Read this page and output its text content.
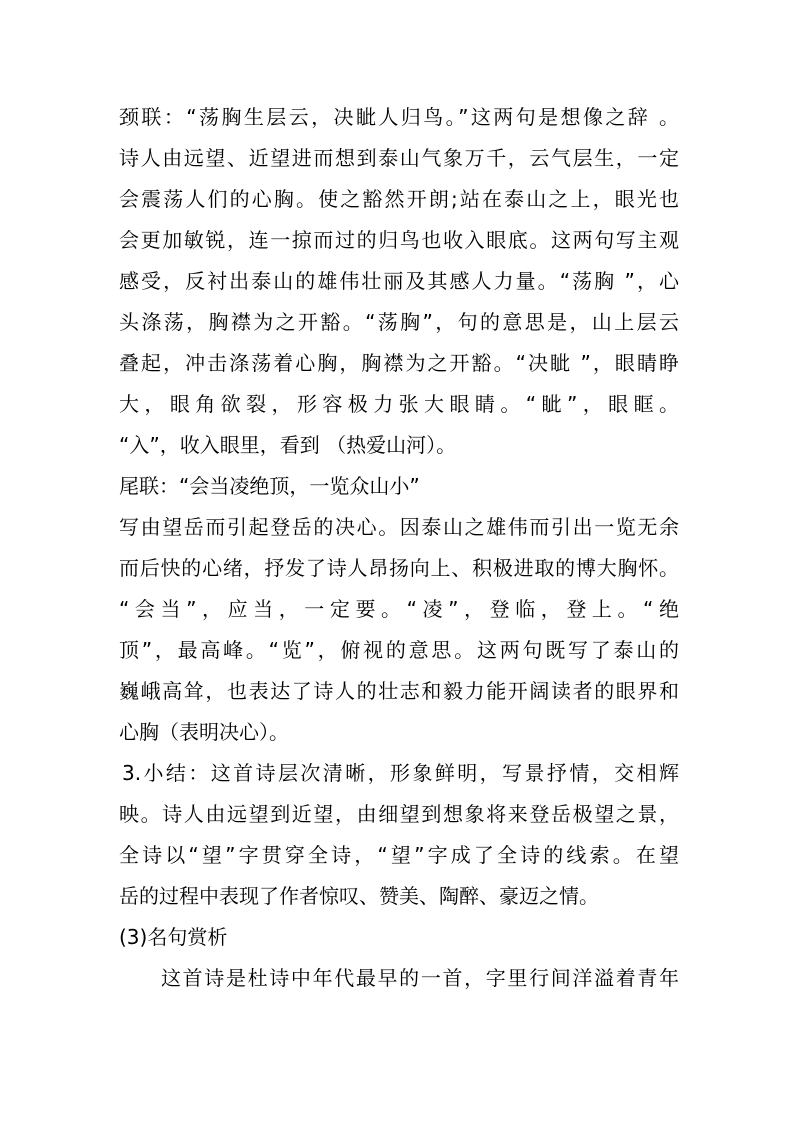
颈联：“荡胸生层云，决眦人归鸟。”这两句是想像之辞 。
诗人由远望、近望进而想到泰山气象万千，云气层生，一定
会震荡人们的心胸。使之豁然开朗;站在泰山之上，眼光也
会更加敏锐，连一掠而过的归鸟也收入眼底。这两句写主观
感受，反衬出泰山的雄伟壮丽及其感人力量。“荡胸 ”，心
头涤荡，胸襟为之开豁。“荡胸”，句的意思是，山上层云
叠起，冲击涤荡着心胸，胸襟为之开豁。“决眦 ”，眼睛睁
大，眼角欲裂，形容极力张大眼睛。“眦”，眼眶。
“入”，收入眼里，看到 （热爱山河）。
尾联：“会当凌绝顶，一览众山小”
写由望岳而引起登岳的决心。因泰山之雄伟而引出一览无余
而后快的心绪，抒发了诗人昂扬向上、积极进取的博大胸怀。
“会当”，应当，一定要。“凌”，登临，登上。“绝
顶”，最高峰。“览”，俯视的意思。这两句既写了泰山的
巍峨高耸，也表达了诗人的壮志和毅力能开阔读者的眼界和
心胸（表明决心）。
3.小结：这首诗层次清晰，形象鲜明，写景抒情，交相辉
映。诗人由远望到近望，由细望到想象将来登岳极望之景，
全诗以“望”字贯穿全诗，“望”字成了全诗的线索。在望
岳的过程中表现了作者惊叹、赞美、陶醉、豪迈之情。
(3)名句赏析
这首诗是杜诗中年代最早的一首，字里行间洋溢着青年
